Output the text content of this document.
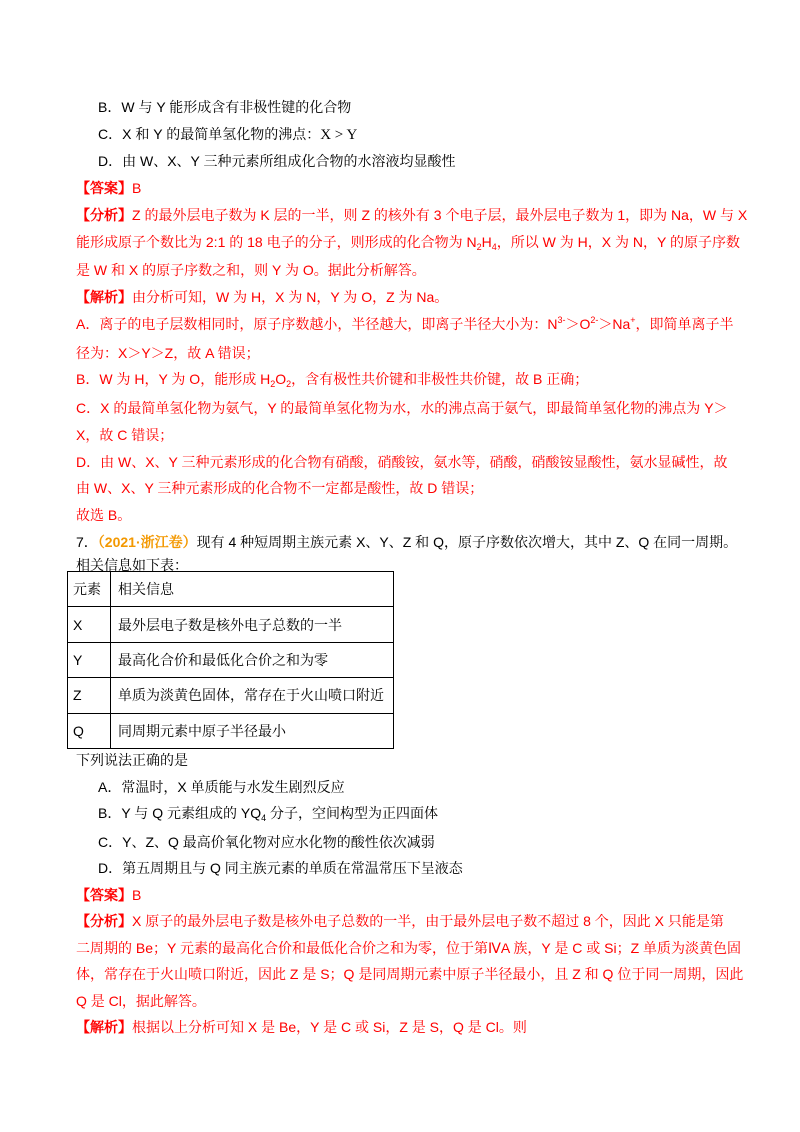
B．W 与 Y 能形成含有非极性键的化合物
C．X 和 Y 的最简单氢化物的沸点：X > Y
D．由 W、X、Y 三种元素所组成化合物的水溶液均显酸性
【答案】B
【分析】Z 的最外层电子数为 K 层的一半，则 Z 的核外有 3 个电子层，最外层电子数为 1，即为 Na，W 与 X
能形成原子个数比为 2:1 的 18 电子的分子，则形成的化合物为 $N_2H_4$，所以 W 为 H，X 为 N，Y 的原子序数
是 W 和 X 的原子序数之和，则 Y 为 O。据此分析解答。
【解析】由分析可知，W 为 H，X 为 N，Y 为 O，Z 为 Na。
A．离子的电子层数相同时，原子序数越小，半径越大，即离子半径大小为：$N^{3-}>O^{2-}>Na^+$，即简单离子半
径为：X＞Y＞Z，故 A 错误；
B．W 为 H，Y 为 O，能形成 $H_2O_2$，含有极性共价键和非极性共价键，故 B 正确；
C．X 的最简单氢化物为氨气，Y 的最简单氢化物为水，水的沸点高于氨气，即最简单氢化物的沸点为 Y＞
X，故 C 错误；
D．由 W、X、Y 三种元素形成的化合物有硝酸，硝酸铵，氨水等，硝酸，硝酸铵显酸性，氨水显碱性，故
由 W、X、Y 三种元素形成的化合物不一定都是酸性，故 D 错误；
故选 B。
7．（2021·浙江卷）现有 4 种短周期主族元素 X、Y、Z 和 Q，原子序数依次增大，其中 Z、Q 在同一周期。
相关信息如下表：
元素	相关信息
X	最外层电子数是核外电子总数的一半
Y	最高化合价和最低化合价之和为零
Z	单质为淡黄色固体，常存在于火山喷口附近
Q	同周期元素中原子半径最小
下列说法正确的是
A．常温时，X 单质能与水发生剧烈反应
B．Y 与 Q 元素组成的 $YQ_4$ 分子，空间构型为正四面体
C．Y、Z、Q 最高价氧化物对应水化物的酸性依次减弱
D．第五周期且与 Q 同主族元素的单质在常温常压下呈液态
【答案】B
【分析】X 原子的最外层电子数是核外电子总数的一半，由于最外层电子数不超过 8 个，因此 X 只能是第
二周期的 Be；Y 元素的最高化合价和最低化合价之和为零，位于第ⅣA 族，Y 是 C 或 Si；Z 单质为淡黄色固
体，常存在于火山喷口附近，因此 Z 是 S；Q 是同周期元素中原子半径最小，且 Z 和 Q 位于同一周期，因此
Q 是 Cl，据此解答。
【解析】根据以上分析可知 X 是 Be，Y 是 C 或 Si，Z 是 S，Q 是 Cl。则
